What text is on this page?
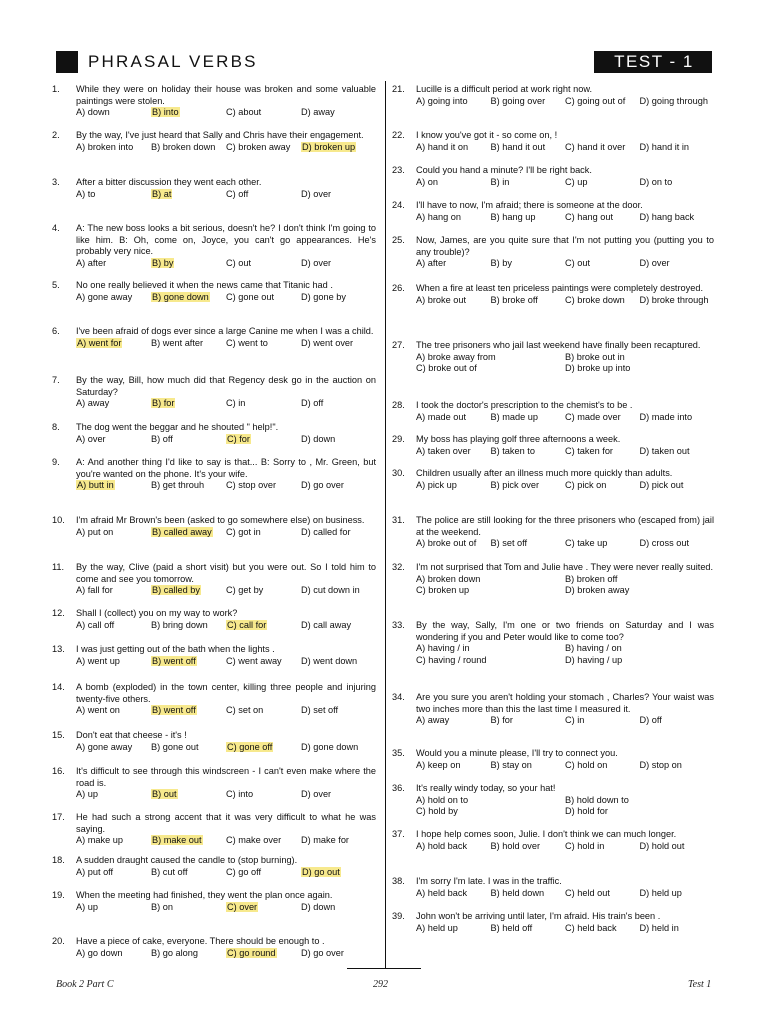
PHRASAL VERBS	TEST - 1
1.	While they were on holiday their house was broken and some valuable paintings were stolen.
A) down	B) into	C) about	D) away
2.	By the way, I've just heard that Sally and Chris have their engagement.
A) broken into	B) broken down	C) broken away	D) broken up
3.	After a bitter discussion they went each other.
A) to	B) at	C) off	D) over
4.	A: The new boss looks a bit serious, doesn't he? I don't think I'm going to like him. B: Oh, come on, Joyce, you can't go appearances. He's probably very nice.
A) after	B) by	C) out	D) over
5.	No one really believed it when the news came that Titanic had .
A) gone away	B) gone down	C) gone out	D) gone by
6.	I've been afraid of dogs ever since a large Canine me when I was a child.
A) went for	B) went after	C) went to	D) went over
7.	By the way, Bill, how much did that Regency desk go in the auction on Saturday?
A) away	B) for	C) in	D) off
8.	The dog went the beggar and he shouted " help!".
A) over	B) off	C) for	D) down
9.	A: And another thing I'd like to say is that... B: Sorry to , Mr. Green, but you're wanted on the phone. It's your wife.
A) butt in	B) get throuh	C) stop over	D) go over
10.	I'm afraid Mr Brown's been (asked to go somewhere else) on business.
A) put on	B) called away	C) got in	D) called for
11.	By the way, Clive (paid a short visit) but you were out. So I told him to come and see you tomorrow.
A) fall for	B) called by	C) get by	D) cut down in
12.	Shall I (collect) you on my way to work?
A) call off	B) bring down	C) call for	D) call away
13.	I was just getting out of the bath when the lights .
A) went up	B) went off	C) went away	D) went down
14.	A bomb (exploded) in the town center, killing three people and injuring twenty-five others.
A) went on	B) went off	C) set on	D) set off
15.	Don't eat that cheese - it's !
A) gone away	B) gone out	C) gone off	D) gone down
16.	It's difficult to see through this windscreen - I can't even make where the road is.
A) up	B) out	C) into	D) over
17.	He had such a strong accent that it was very difficult to what he was saying.
A) make up	B) make out	C) make over	D) make for
18.	A sudden draught caused the candle to (stop burning).
A) put off	B) cut off	C) go off	D) go out
19.	When the meeting had finished, they went the plan once again.
A) up	B) on	C) over	D) down
20.	Have a piece of cake, everyone. There should be enough to .
A) go down	B) go along	C) go round	D) go over
21.	Lucille is a difficult period at work right now.
A) going into	B) going over	C) going out of	D) going through
22.	I know you've got it - so come on, !
A) hand it on	B) hand it out	C) hand it over	D) hand it in
23.	Could you hand a minute? I'll be right back.
A) on	B) in	C) up	D) on to
24.	I'll have to now, I'm afraid; there is someone at the door.
A) hang on	B) hang up	C) hang out	D) hang back
25.	Now, James, are you quite sure that I'm not putting you (putting you to any trouble)?
A) after	B) by	C) out	D) over
26.	When a fire at least ten priceless paintings were completely destroyed.
A) broke out	B) broke off	C) broke down	D) broke through
27.	The tree prisoners who jail last weekend have finally been recaptured.
A) broke away from	B) broke out in
C) broke out of	D) broke up into
28.	I took the doctor's prescription to the chemist's to be .
A) made out	B) made up	C) made over	D) made into
29.	My boss has playing golf three afternoons a week.
A) taken over	B) taken to	C) taken for	D) taken out
30.	Children usually after an illness much more quickly than adults.
A) pick up	B) pick over	C) pick on	D) pick out
31.	The police are still looking for the three prisoners who (escaped from) jail at the weekend.
A) broke out of	B) set off	C) take up	D) cross out
32.	I'm not surprised that Tom and Julie have . They were never really suited.
A) broken down	B) broken off
C) broken up	D) broken away
33.	By the way, Sally, I'm one or two friends on Saturday and I was wondering if you and Peter would like to come too?
A) having / in	B) having / on
C) having / round	D) having / up
34.	Are you sure you aren't holding your stomach , Charles? Your waist was two inches more than this the last time I measured it.
A) away	B) for	C) in	D) off
35.	Would you a minute please, I'll try to connect you.
A) keep on	B) stay on	C) hold on	D) stop on
36.	It's really windy today, so your hat!
A) hold on to	B) hold down to
C) hold by	D) hold for
37.	I hope help comes soon, Julie. I don't think we can much longer.
A) hold back	B) hold over	C) hold in	D) hold out
38.	I'm sorry I'm late. I was in the traffic.
A) held back	B) held down	C) held out	D) held up
39.	John won't be arriving until later, I'm afraid. His train's been .
A) held up	B) held off	C) held back	D) held in
Book 2 Part C	292	Test 1
